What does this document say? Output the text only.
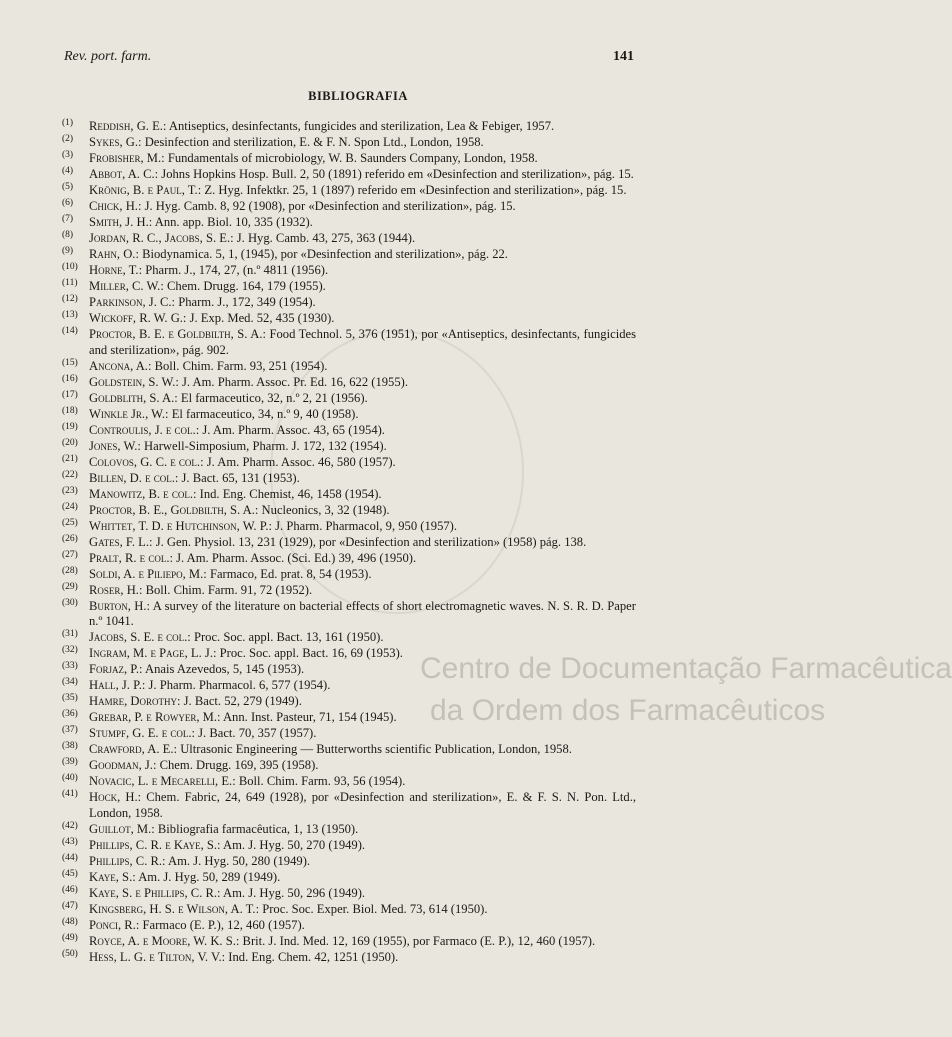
Centro de Documentação Farmacêutica
da Ordem dos Farmacêuticos
Rev. port. farm.	141
BIBLIOGRAFIA
( 1 ) Reddish, G. E.: Antiseptics, desinfectants, fungicides and sterilization, Lea & Febiger, 1957.
( 2 ) Sykes, G.: Desinfection and sterilization, E. & F. N. Spon Ltd., London, 1958.
( 3 ) Frobisher, M.: Fundamentals of microbiology, W. B. Saunders Company, London, 1958.
( 4 ) Abbot, A. C.: Johns Hopkins Hosp. Bull. 2, 50 (1891) referido em «Desinfection and sterilization», pág. 15.
( 5 ) Krönig, B. e Paul, T.: Z. Hyg. Infektkr. 25, 1 (1897) referido em «Desinfection and sterilization», pág. 15.
( 6 ) Chick, H.: J. Hyg. Camb. 8, 92 (1908), por «Desinfection and sterilization», pág. 15.
( 7 ) Smith, J. H.: Ann. app. Biol. 10, 335 (1932).
( 8 ) Jordan, R. C., Jacobs, S. E.: J. Hyg. Camb. 43, 275, 363 (1944).
( 9 ) Rahn, O.: Biodynamica. 5, 1, (1945), por «Desinfection and sterilization», pág. 22.
( 10 ) Horne, T.: Pharm. J., 174, 27, (n.º 4811 (1956).
( 11 ) Miller, C. W.: Chem. Drugg. 164, 179 (1955).
( 12 ) Parkinson, J. C.: Pharm. J., 172, 349 (1954).
( 13 ) Wickoff, R. W. G.: J. Exp. Med. 52, 435 (1930).
( 14 ) Proctor, B. E. e Goldbilth, S. A.: Food Technol. 5, 376 (1951), por «Antiseptics, desinfectants, fungicides and sterilization», pág. 902.
( 15 ) Ancona, A.: Boll. Chim. Farm. 93, 251 (1954).
( 16 ) Goldstein, S. W.: J. Am. Pharm. Assoc. Pr. Ed. 16, 622 (1955).
( 17 ) Goldblith, S. A.: El farmaceutico, 32, n.º 2, 21 (1956).
( 18 ) Winkle Jr., W.: El farmaceutico, 34, n.º 9, 40 (1958).
( 19 ) Controulis, J. e col.: J. Am. Pharm. Assoc. 43, 65 (1954).
( 20 ) Jones, W.: Harwell-Simposium, Pharm. J. 172, 132 (1954).
( 21 ) Colovos, G. C. e col.: J. Am. Pharm. Assoc. 46, 580 (1957).
( 22 ) Billen, D. e col.: J. Bact. 65, 131 (1953).
( 23 ) Manowitz, B. e col.: Ind. Eng. Chemist, 46, 1458 (1954).
( 24 ) Proctor, B. E., Goldbilth, S. A.: Nucleonics, 3, 32 (1948).
( 25 ) Whittet, T. D. e Hutchinson, W. P.: J. Pharm. Pharmacol, 9, 950 (1957).
( 26 ) Gates, F. L.: J. Gen. Physiol. 13, 231 (1929), por «Desinfection and sterilization» (1958) pág. 138.
( 27 ) Pralt, R. e col.: J. Am. Pharm. Assoc. (Sci. Ed.) 39, 496 (1950).
( 28 ) Soldi, A. e Piliepo, M.: Farmaco, Ed. prat. 8, 54 (1953).
( 29 ) Roser, H.: Boll. Chim. Farm. 91, 72 (1952).
( 30 ) Burton, H.: A survey of the literature on bacterial effects of short electromagnetic waves. N. S. R. D. Paper n.º 1041.
( 31 ) Jacobs, S. E. e col.: Proc. Soc. appl. Bact. 13, 161 (1950).
( 32 ) Ingram, M. e Page, L. J.: Proc. Soc. appl. Bact. 16, 69 (1953).
( 33 ) Forjaz, P.: Anais Azevedos, 5, 145 (1953).
( 34 ) Hall, J. P.: J. Pharm. Pharmacol. 6, 577 (1954).
( 35 ) Hamre, Dorothy: J. Bact. 52, 279 (1949).
( 36 ) Grebar, P. e Rowyer, M.: Ann. Inst. Pasteur, 71, 154 (1945).
( 37 ) Stumpf, G. E. e col.: J. Bact. 70, 357 (1957).
( 38 ) Crawford, A. E.: Ultrasonic Engineering — Butterworths scientific Publication, London, 1958.
( 39 ) Goodman, J.: Chem. Drugg. 169, 395 (1958).
( 40 ) Novacic, L. e Mecarelli, E.: Boll. Chim. Farm. 93, 56 (1954).
( 41 ) Hock, H.: Chem. Fabric, 24, 649 (1928), por «Desinfection and sterilization», E. & F. S. N. Pon. Ltd., London, 1958.
( 42 ) Guillot, M.: Bibliografia farmacêutica, 1, 13 (1950).
( 43 ) Phillips, C. R. e Kaye, S.: Am. J. Hyg. 50, 270 (1949).
( 44 ) Phillips, C. R.: Am. J. Hyg. 50, 280 (1949).
( 45 ) Kaye, S.: Am. J. Hyg. 50, 289 (1949).
( 46 ) Kaye, S. e Phillips, C. R.: Am. J. Hyg. 50, 296 (1949).
( 47 ) Kingsberg, H. S. e Wilson, A. T.: Proc. Soc. Exper. Biol. Med. 73, 614 (1950).
( 48 ) Ponci, R.: Farmaco (E. P.), 12, 460 (1957).
( 49 ) Royce, A. e Moore, W. K. S.: Brit. J. Ind. Med. 12, 169 (1955), por Farmaco (E. P.), 12, 460 (1957).
( 50 ) Hess, L. G. e Tilton, V. V.: Ind. Eng. Chem. 42, 1251 (1950).
